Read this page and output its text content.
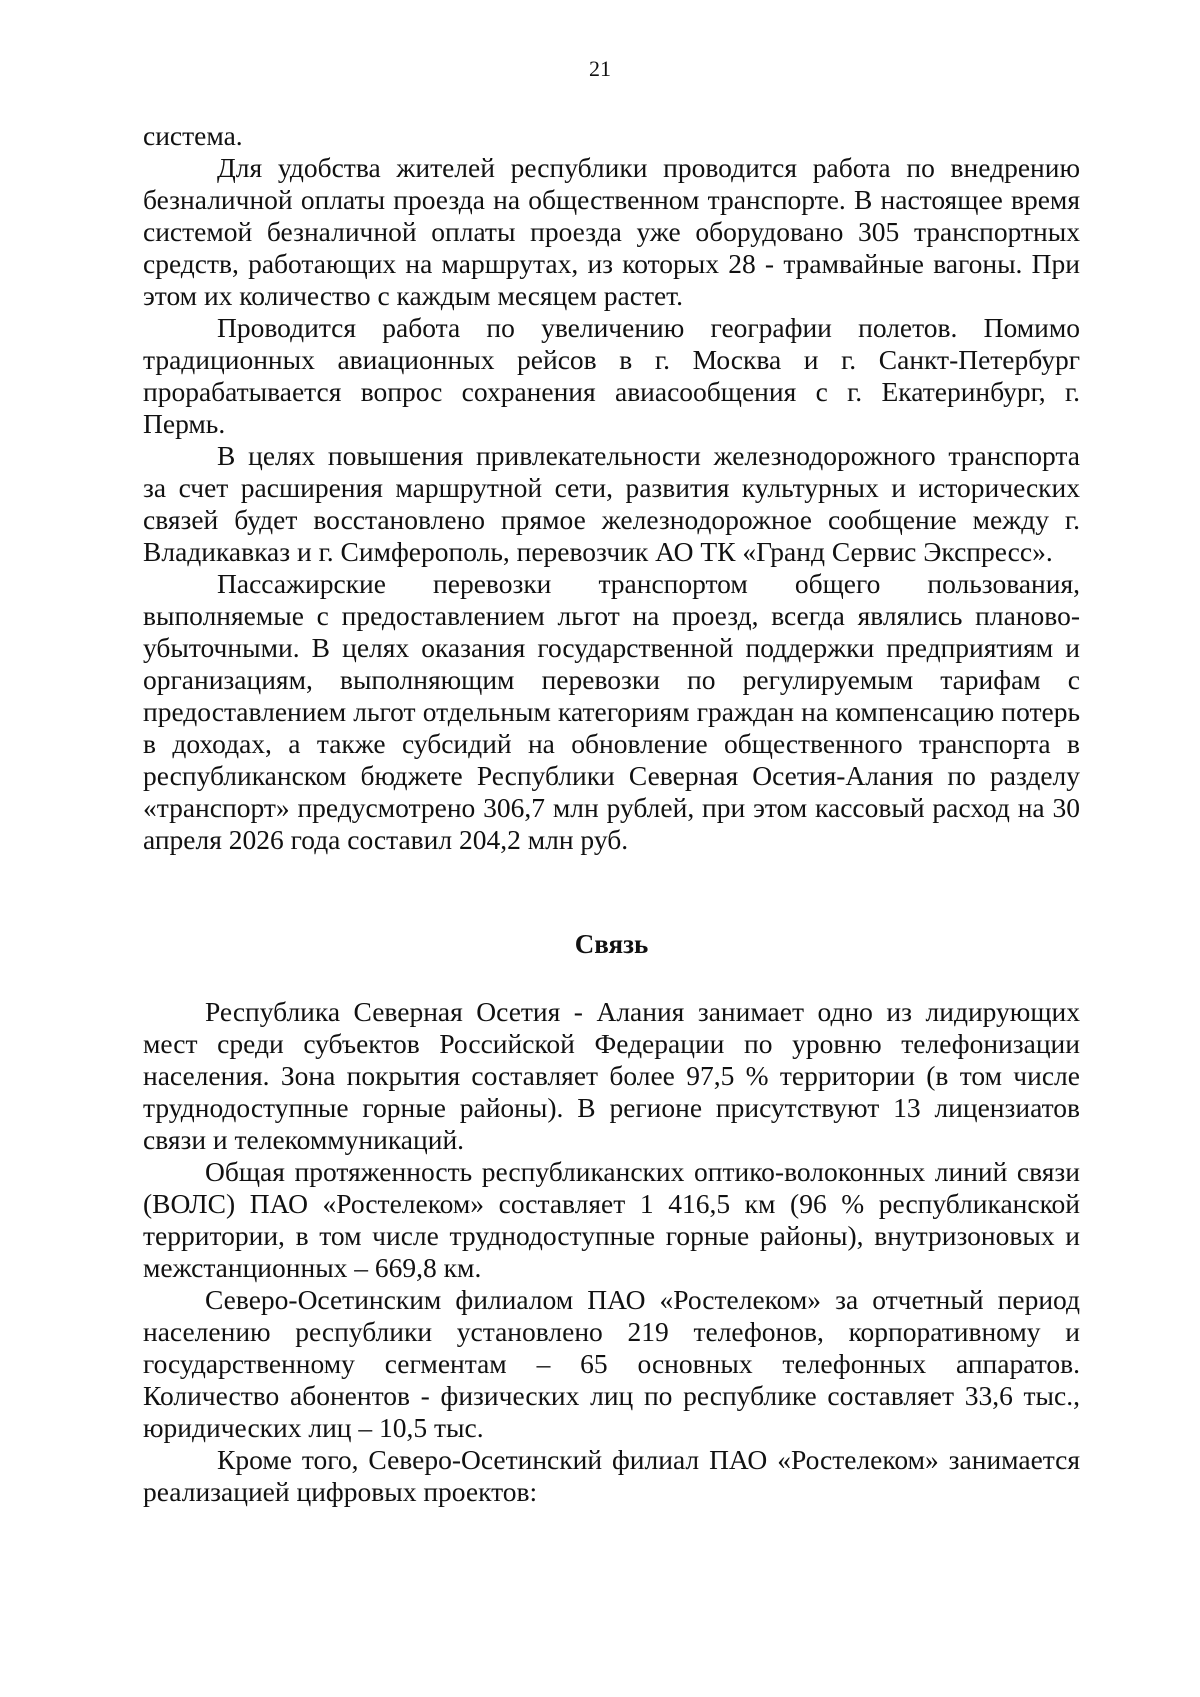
21

система.

Для удобства жителей республики проводится работа по внедрению безналичной оплаты проезда на общественном транспорте. В настоящее время системой безналичной оплаты проезда уже оборудовано 305 транспортных средств, работающих на маршрутах, из которых 28 - трамвайные вагоны. При этом их количество с каждым месяцем растет.

Проводится работа по увеличению географии полетов. Помимо традиционных авиационных рейсов в г. Москва и г. Санкт-Петербург прорабатывается вопрос сохранения авиасообщения с г. Екатеринбург, г. Пермь.

В целях повышения привлекательности железнодорожного транспорта за счет расширения маршрутной сети, развития культурных и исторических связей будет восстановлено прямое железнодорожное сообщение между г. Владикавказ и г. Симферополь, перевозчик АО ТК «Гранд Сервис Экспресс».

Пассажирские перевозки транспортом общего пользования, выполняемые с предоставлением льгот на проезд, всегда являлись планово-убыточными. В целях оказания государственной поддержки предприятиям и организациям, выполняющим перевозки по регулируемым тарифам с предоставлением льгот отдельным категориям граждан на компенсацию потерь в доходах, а также субсидий на обновление общественного транспорта в республиканском бюджете Республики Северная Осетия-Алания по разделу «транспорт» предусмотрено 306,7 млн рублей, при этом кассовый расход на 30 апреля 2026 года составил 204,2 млн руб.

Связь

Республика Северная Осетия - Алания занимает одно из лидирующих мест среди субъектов Российской Федерации по уровню телефонизации населения. Зона покрытия составляет более 97,5 % территории (в том числе труднодоступные горные районы). В регионе присутствуют 13 лицензиатов связи и телекоммуникаций.

Общая протяженность республиканских оптико-волоконных линий связи (ВОЛС) ПАО «Ростелеком» составляет 1 416,5 км (96 % республиканской территории, в том числе труднодоступные горные районы), внутризоновых и межстанционных – 669,8 км.

Северо-Осетинским филиалом ПАО «Ростелеком» за отчетный период населению республики установлено 219 телефонов, корпоративному и государственному сегментам – 65 основных телефонных аппаратов. Количество абонентов - физических лиц по республике составляет 33,6 тыс., юридических лиц – 10,5 тыс.

Кроме того, Северо-Осетинский филиал ПАО «Ростелеком» занимается реализацией цифровых проектов:
